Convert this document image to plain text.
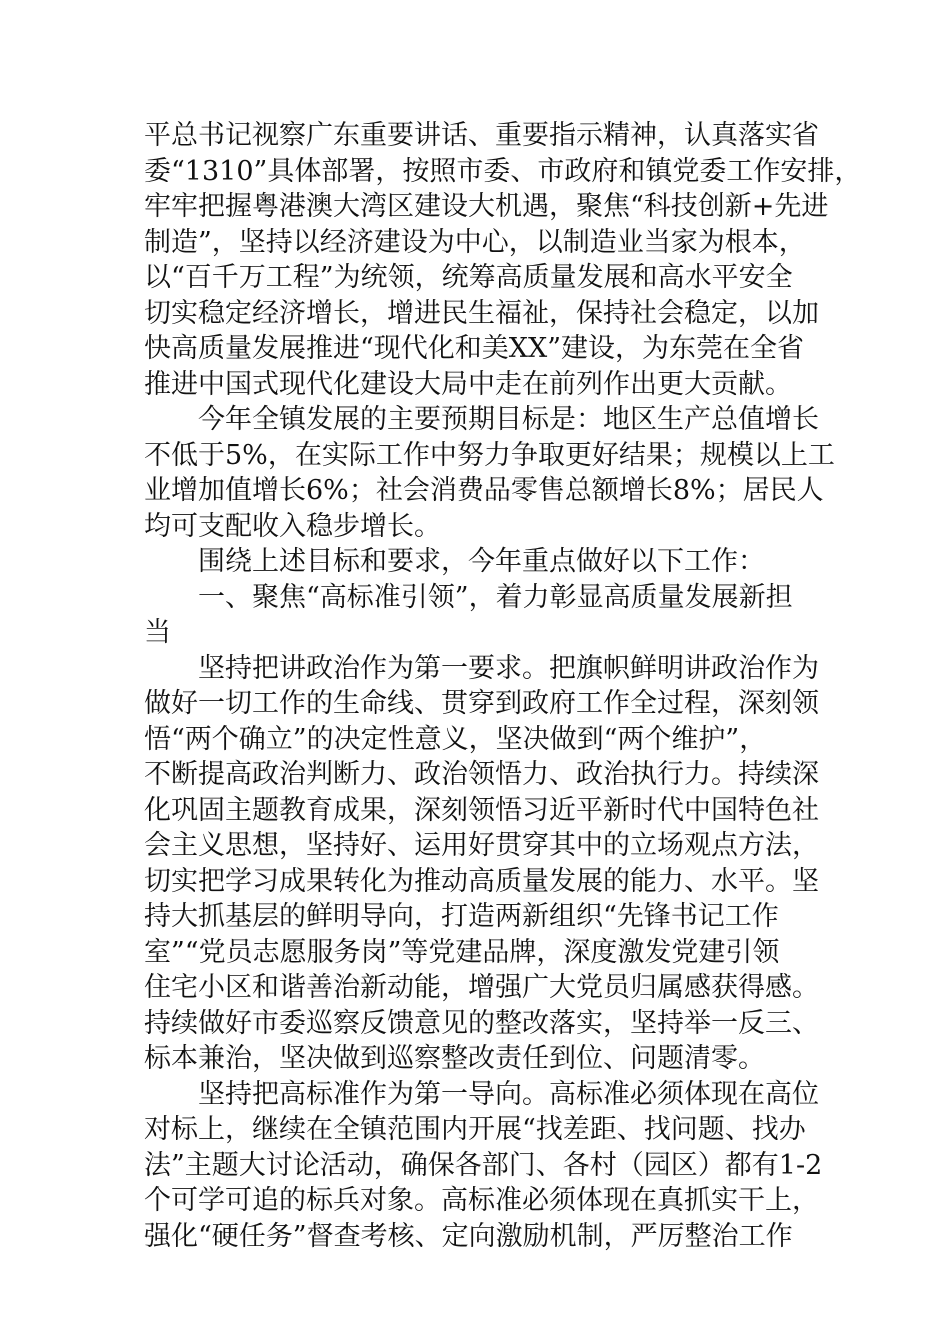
平总书记视察广东重要讲话、重要指示精神，认真落实省
委“1310”具体部署，按照市委、市政府和镇党委工作安排，
牢牢把握粤港澳大湾区建设大机遇，聚焦“科技创新+先进
制造”，坚持以经济建设为中心，以制造业当家为根本，
以“百千万工程”为统领，统筹高质量发展和高水平安全
切实稳定经济增长，增进民生福祉，保持社会稳定，以加
快高质量发展推进“现代化和美XX”建设，为东莞在全省
推进中国式现代化建设大局中走在前列作出更大贡献。
今年全镇发展的主要预期目标是：地区生产总值增长
不低于5%，在实际工作中努力争取更好结果；规模以上工
业增加值增长6%；社会消费品零售总额增长8%；居民人
均可支配收入稳步增长。
围绕上述目标和要求，今年重点做好以下工作：
一、聚焦“高标准引领”，着力彰显高质量发展新担
当
坚持把讲政治作为第一要求。把旗帜鲜明讲政治作为
做好一切工作的生命线、贯穿到政府工作全过程，深刻领
悟“两个确立”的决定性意义，坚决做到“两个维护”，
不断提高政治判断力、政治领悟力、政治执行力。持续深
化巩固主题教育成果，深刻领悟习近平新时代中国特色社
会主义思想，坚持好、运用好贯穿其中的立场观点方法，
切实把学习成果转化为推动高质量发展的能力、水平。坚
持大抓基层的鲜明导向，打造两新组织“先锋书记工作
室”“党员志愿服务岗”等党建品牌，深度激发党建引领
住宅小区和谐善治新动能，增强广大党员归属感获得感。
持续做好市委巡察反馈意见的整改落实，坚持举一反三、
标本兼治，坚决做到巡察整改责任到位、问题清零。
坚持把高标准作为第一导向。高标准必须体现在高位
对标上，继续在全镇范围内开展“找差距、找问题、找办
法”主题大讨论活动，确保各部门、各村（园区）都有1-2
个可学可追的标兵对象。高标准必须体现在真抓实干上，
强化“硬任务”督查考核、定向激励机制，严厉整治工作
